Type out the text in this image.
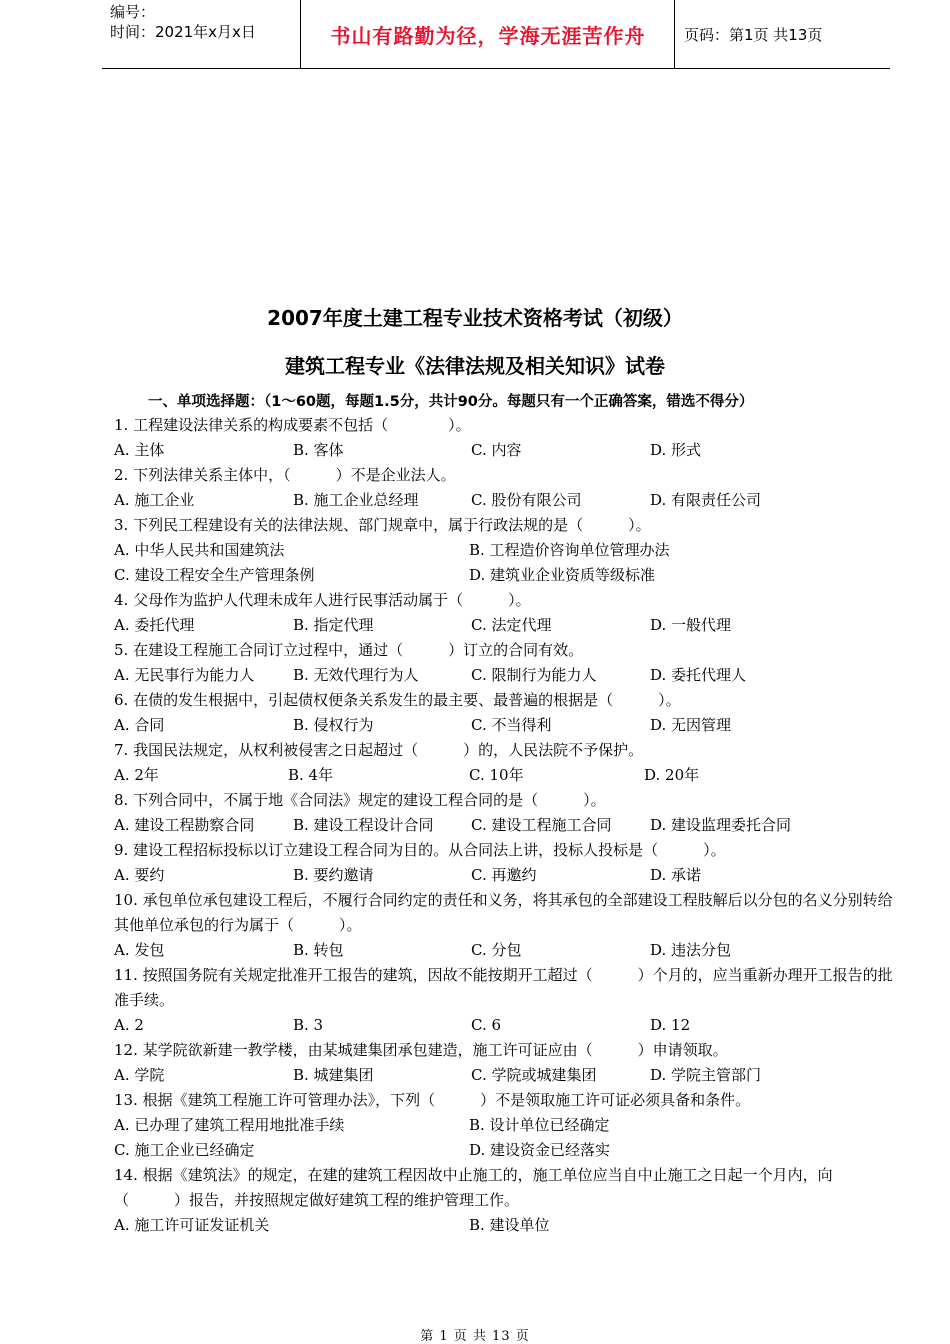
编号：
时间：2021年x月x日	书山有路勤为径，学海无涯苦作舟	页码：第1页 共13页
2007年度土建工程专业技术资格考试（初级）
建筑工程专业《法律法规及相关知识》试卷
一、单项选择题：（1～60题，每题1.5分，共计90分。每题只有一个正确答案，错选不得分）

1. 工程建设法律关系的构成要素不包括（　　　　）。

A. 主体	B. 客体	C. 内容	D. 形式

2. 下列法律关系主体中，（　　　）不是企业法人。

A. 施工企业	B. 施工企业总经理	C. 股份有限公司	D. 有限责任公司

3. 下列民工程建设有关的法律法规、部门规章中，属于行政法规的是（　　　）。

A. 中华人民共和国建筑法	B. 工程造价咨询单位管理办法
C. 建设工程安全生产管理条例	D. 建筑业企业资质等级标准

4. 父母作为监护人代理未成年人进行民事活动属于（　　　）。

A. 委托代理	B. 指定代理	C. 法定代理	D. 一般代理

5. 在建设工程施工合同订立过程中，通过（　　　）订立的合同有效。

A. 无民事行为能力人	B. 无效代理行为人	C. 限制行为能力人	D. 委托代理人

6. 在债的发生根据中，引起债权便条关系发生的最主要、最普遍的根据是（　　　）。

A. 合同	B. 侵权行为	C. 不当得利	D. 无因管理

7. 我国民法规定，从权利被侵害之日起超过（　　　）的，人民法院不予保护。

A. 2年	B. 4年	C. 10年	D. 20年

8. 下列合同中，不属于地《合同法》规定的建设工程合同的是（　　　）。

A. 建设工程勘察合同	B. 建设工程设计合同 C. 建设工程施工合同	D. 建设监理委托合同

9. 建设工程招标投标以订立建设工程合同为目的。从合同法上讲，投标人投标是（　　　）。

A. 要约	B. 要约邀请	C. 再邀约	D. 承诺

10. 承包单位承包建设工程后，不履行合同约定的责任和义务，将其承包的全部建设工程肢解后以分包的名义分别转给其他单位承包的行为属于（　　　）。

A. 发包	B. 转包	C. 分包	D. 违法分包

11. 按照国务院有关规定批准开工报告的建筑，因故不能按期开工超过（　　　）个月的，应当重新办理开工报告的批准手续。

A. 2	B. 3	C. 6	D. 12

12. 某学院欲新建一教学楼，由某城建集团承包建造，施工许可证应由（　　　）申请领取。

A. 学院	B. 城建集团	C. 学院或城建集团	D. 学院主管部门

13. 根据《建筑工程施工许可管理办法》，下列（　　　）不是领取施工许可证必须具备和条件。

A. 已办理了建筑工程用地批准手续	B. 设计单位已经确定
C. 施工企业已经确定	D. 建设资金已经落实

14. 根据《建筑法》的规定，在建的建筑工程因故中止施工的，施工单位应当自中止施工之日起一个月内，向（　　　）报告，并按照规定做好建筑工程的维护管理工作。

A. 施工许可证发证机关	B. 建设单位
第 1 页 共 13 页
